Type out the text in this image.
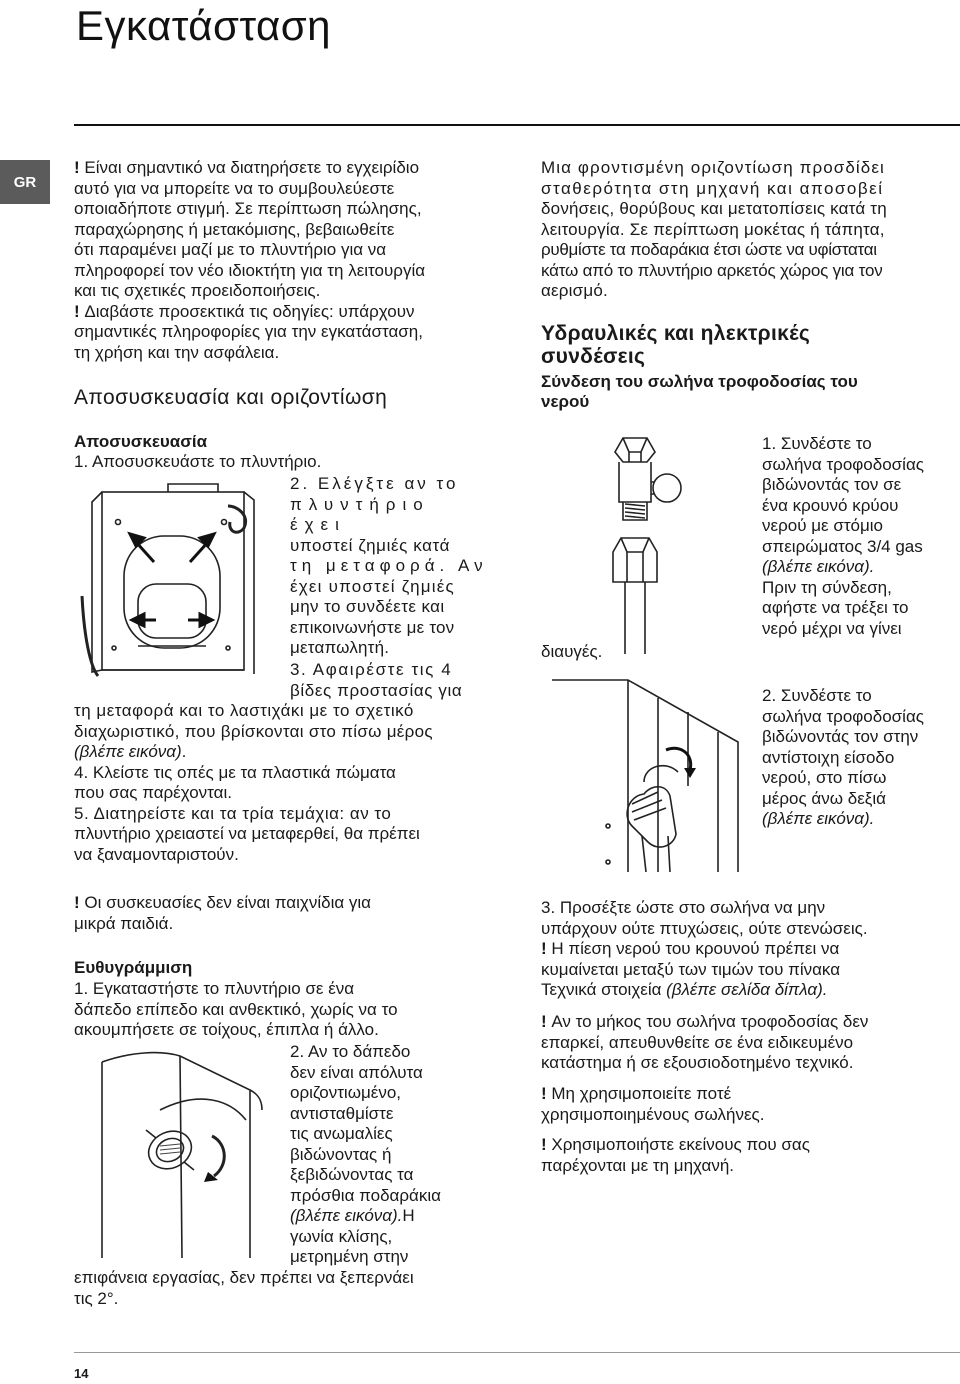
Εγκατάσταση
GR

! Είναι σημαντικό να διατηρήσετε το εγχειρίδιο

αυτό για να μπορείτε να το συμβουλεύεστε

οποιαδήποτε στιγμή. Σε περίπτωση πώλησης,

παραχώρησης ή μετακόμισης, βεβαιωθείτε

ότι παραμένει μαζί με το πλυντήριο για να

πληροφορεί τον νέο ιδιοκτήτη για τη λειτουργία

και τις σχετικές προειδοποιήσεις.

! Διαβάστε προσεκτικά τις οδηγίες: υπάρχουν

σημαντικές πληροφορίες για την εγκατάσταση,

τη χρήση και την ασφάλεια.

Αποσυσκευασία και οριζοντίωση
Αποσυσκευασία
1. Αποσυσκευάστε το πλυντήριο.

2. Ελέγξτε αν το

πλυντήριο έχει

υποστεί ζημιές κατά

τη μεταφορά. Αν

έχει υποστεί ζημιές

μην το συνδέετε και

επικοινωνήστε με τον

μεταπωλητή.

3. Αφαιρέστε τις 4

βίδες προστασίας για

τη μεταφορά και το λαστιχάκι με το σχετικό

διαχωριστικό, που βρίσκονται στο πίσω μέρος

(βλέπε εικόνα).

4. Κλείστε τις οπές με τα πλαστικά πώματα

που σας παρέχονται.

5. Διατηρείστε και τα τρία τεμάχια: αν το

πλυντήριο χρειαστεί να μεταφερθεί, θα πρέπει

να ξαναμονταριστούν.

! Οι συσκευασίες δεν είναι παιχνίδια για

μικρά παιδιά.

Ευθυγράμμιση

1. Εγκαταστήστε το πλυντήριο σε ένα

δάπεδο επίπεδο και ανθεκτικό, χωρίς να το

ακουμπήσετε σε τοίχους, έπιπλα ή άλλο.

2. Αν το δάπεδο

δεν είναι απόλυτα

οριζοντιωμένο,

αντισταθμίστε

τις ανωμαλίες

βιδώνοντας ή

ξεβιδώνοντας τα

πρόσθια ποδαράκια

(βλέπε εικόνα).Η

γωνία κλίσης,

μετρημένη στην

επιφάνεια εργασίας, δεν πρέπει να ξεπερνάει

τις 2°.

Μια φροντισμένη οριζοντίωση προσδίδει

σταθερότητα στη μηχανή και αποσοβεί

δονήσεις, θορύβους και μετατοπίσεις κατά τη

λειτουργία. Σε περίπτωση μοκέτας ή τάπητα,

ρυθμίστε τα ποδαράκια έτσι ώστε να υφίσταται

κάτω από το πλυντήριο αρκετός χώρος για τον

αερισμό.

Υδραυλικές και ηλεκτρικές
συνδέσεις
Σύνδεση του σωλήνα τροφοδοσίας του
νερού

1. Συνδέστε το

σωλήνα τροφοδοσίας

βιδώνοντάς τον σε

ένα κρουνό κρύου

νερού με στόμιο

σπειρώματος 3/4 gas

(βλέπε εικόνα).

Πριν τη σύνδεση,

αφήστε να τρέξει το

νερό μέχρι να γίνει

διαυγές.

2. Συνδέστε το

σωλήνα τροφοδοσίας

βιδώνοντάς τον στην

αντίστοιχη είσοδο

νερού, στο πίσω

μέρος άνω δεξιά

(βλέπε εικόνα).

3. Προσέξτε ώστε στο σωλήνα να μην

υπάρχουν ούτε πτυχώσεις, ούτε στενώσεις.

! Η πίεση νερού του κρουνού πρέπει να

κυμαίνεται μεταξύ των τιμών του πίνακα

Τεχνικά στοιχεία (βλέπε σελίδα δίπλα).

! Αν το μήκος του σωλήνα τροφοδοσίας δεν

επαρκεί, απευθυνθείτε σε ένα ειδικευμένο

κατάστημα ή σε εξουσιοδοτημένο τεχνικό.

! Μη χρησιμοποιείτε ποτέ

χρησιμοποιημένους σωλήνες.

! Χρησιμοποιήστε εκείνους που σας

παρέχονται με τη μηχανή.

14
